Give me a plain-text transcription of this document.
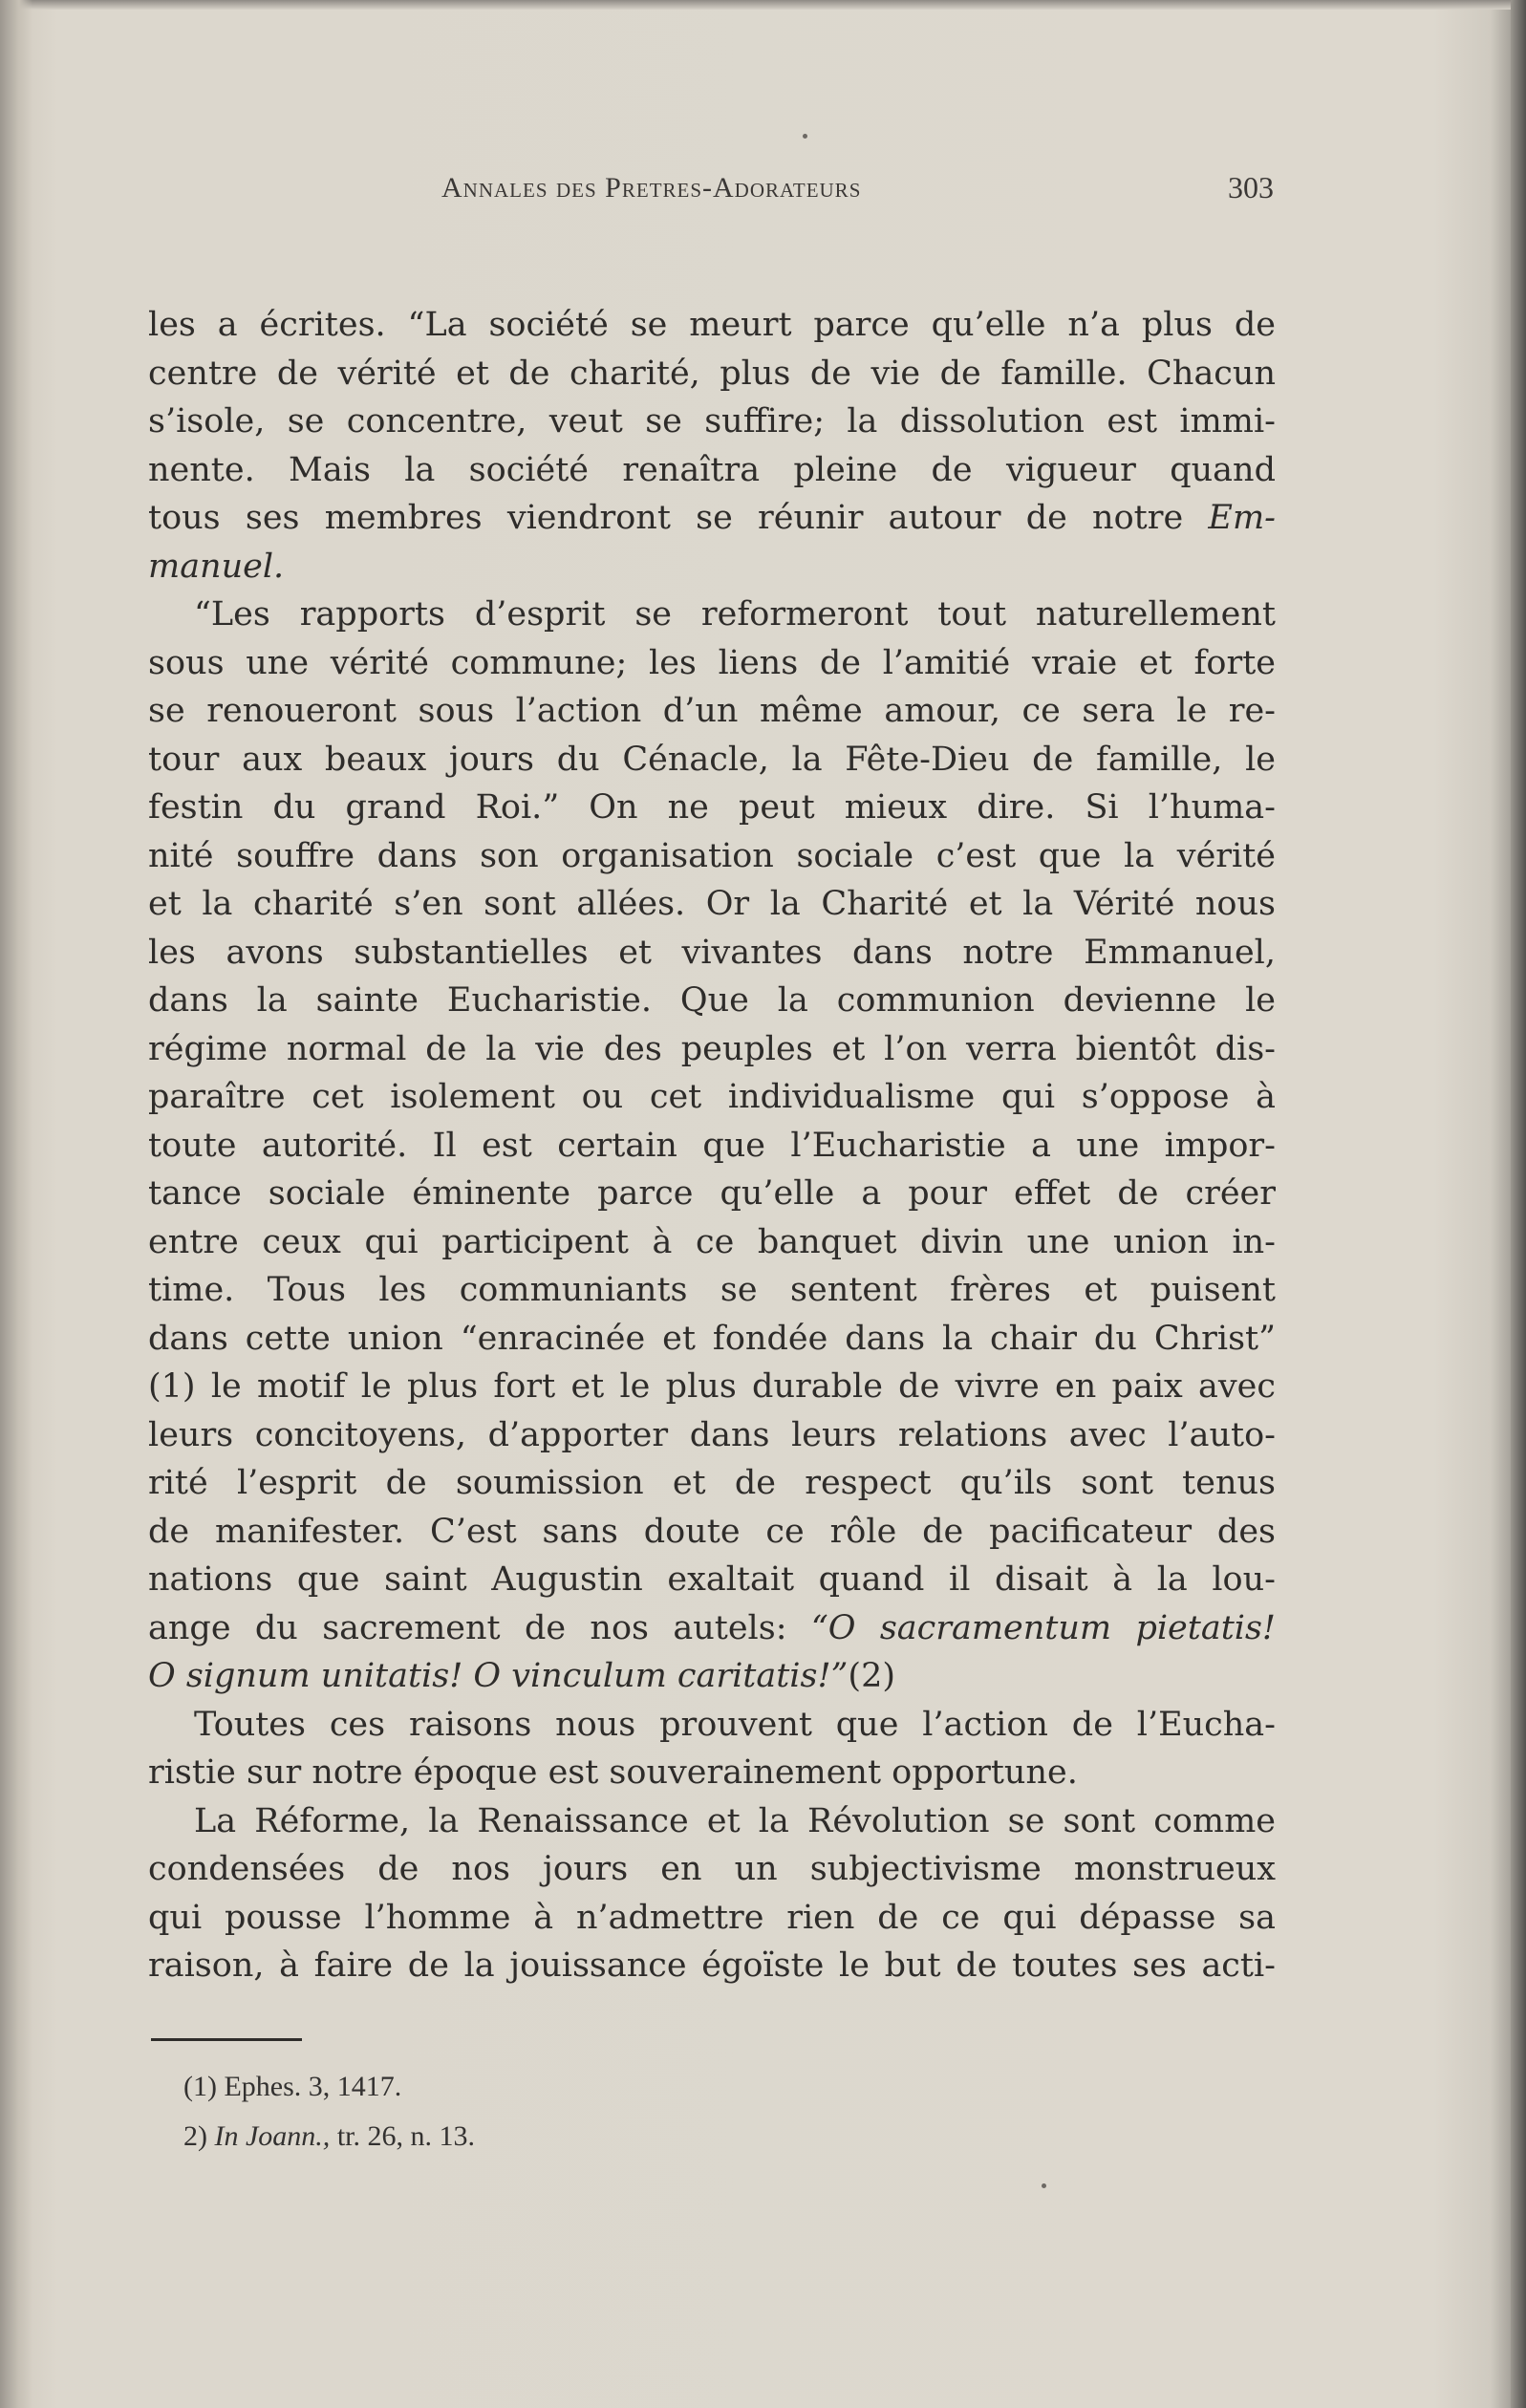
Annales des Pretres-Adorateurs	303
les a écrites. “La société se meurt parce qu’elle n’a plus de
centre de vérité et de charité, plus de vie de famille. Chacun
s’isole, se concentre, veut se suffire; la dissolution est immi-
nente. Mais la société renaîtra pleine de vigueur quand
tous ses membres viendront se réunir autour de notre Em-
manuel.
“Les rapports d’esprit se reformeront tout naturellement
sous une vérité commune; les liens de l’amitié vraie et forte
se renoueront sous l’action d’un même amour, ce sera le re-
tour aux beaux jours du Cénacle, la Fête-Dieu de famille, le
festin du grand Roi.” On ne peut mieux dire. Si l’huma-
nité souffre dans son organisation sociale c’est que la vérité
et la charité s’en sont allées. Or la Charité et la Vérité nous
les avons substantielles et vivantes dans notre Emmanuel,
dans la sainte Eucharistie. Que la communion devienne le
régime normal de la vie des peuples et l’on verra bientôt dis-
paraître cet isolement ou cet individualisme qui s’oppose à
toute autorité. Il est certain que l’Eucharistie a une impor-
tance sociale éminente parce qu’elle a pour effet de créer
entre ceux qui participent à ce banquet divin une union in-
time. Tous les communiants se sentent frères et puisent
dans cette union “enracinée et fondée dans la chair du Christ”
(1) le motif le plus fort et le plus durable de vivre en paix avec
leurs concitoyens, d’apporter dans leurs relations avec l’auto-
rité l’esprit de soumission et de respect qu’ils sont tenus
de manifester. C’est sans doute ce rôle de pacificateur des
nations que saint Augustin exaltait quand il disait à la lou-
ange du sacrement de nos autels: “O sacramentum pietatis!
O signum unitatis! O vinculum caritatis!”(2)
Toutes ces raisons nous prouvent que l’action de l’Eucha-
ristie sur notre époque est souverainement opportune.
La Réforme, la Renaissance et la Révolution se sont comme
condensées de nos jours en un subjectivisme monstrueux
qui pousse l’homme à n’admettre rien de ce qui dépasse sa
raison, à faire de la jouissance égoïste le but de toutes ses acti-
(1) Ephes. 3, 1417.
2) In Joann., tr. 26, n. 13.
